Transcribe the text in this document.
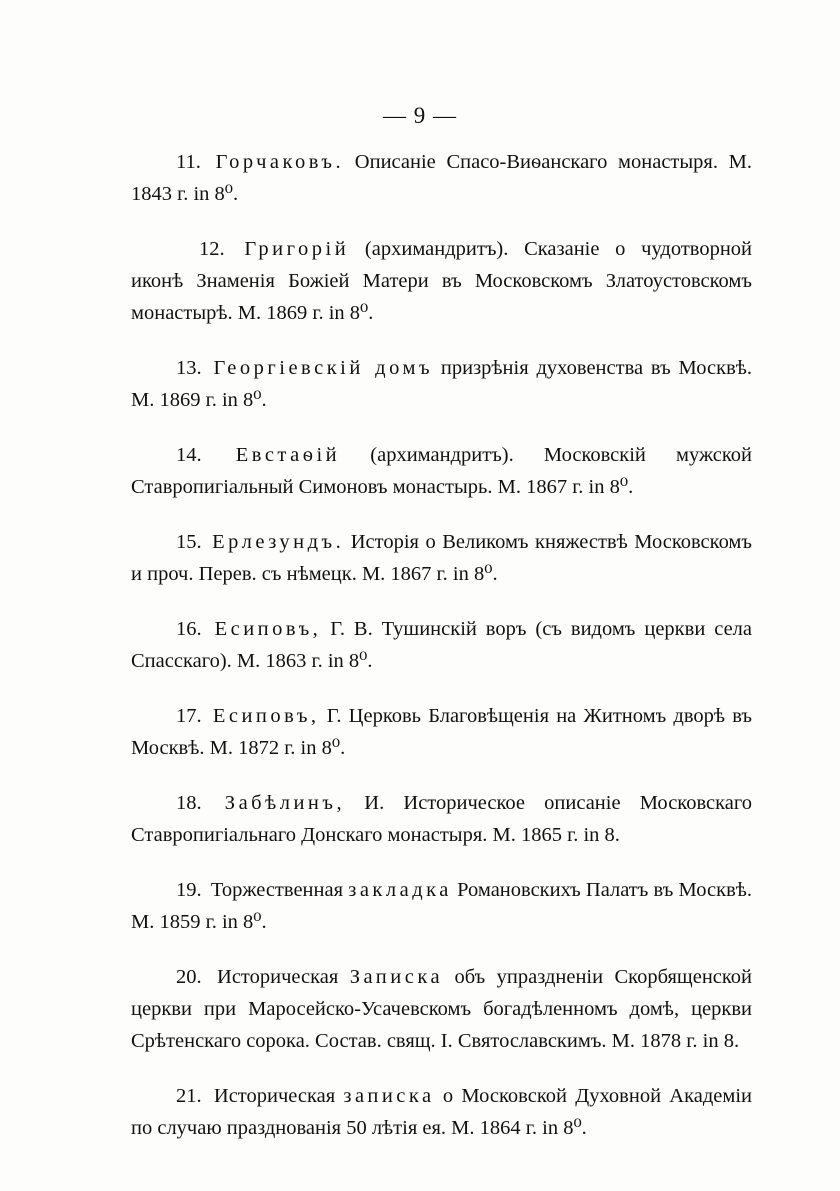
— 9 —

11. Горчаковъ. Описаніе Спасо-Виѳанскаго монастыря. М. 1843 г. in 8⁰.

12. Григорій (архимандритъ). Сказаніе о чудотворной иконѣ Знаменія Божіей Матери въ Московскомъ Златоустовскомъ монастырѣ. М. 1869 г. in 8⁰.

13. Георгіевскій домъ призрѣнія духовенства въ Москвѣ. М. 1869 г. in 8⁰.

14. Евстаѳій (архимандритъ). Московскій мужской Ставропигіальный Симоновъ монастырь. М. 1867 г. in 8⁰.

15. Ерлезундъ. Исторія о Великомъ княжествѣ Московскомъ и проч. Перев. съ нѣмецк. М. 1867 г. in 8⁰.

16. Есиповъ, Г. В. Тушинскій воръ (съ видомъ церкви села Спасскаго). М. 1863 г. in 8⁰.

17. Есиповъ, Г. Церковь Благовѣщенія на Житномъ дворѣ въ Москвѣ. М. 1872 г. in 8⁰.

18. Забѣлинъ, И. Историческое описаніе Московскаго Ставропигіальнаго Донскаго монастыря. М. 1865 г. in 8.

19. Торжественная закладка Романовскихъ Палатъ въ Москвѣ. М. 1859 г. in 8⁰.

20. Историческая Записка объ упраздненіи Скорбященской церкви при Маросейско-Усачевскомъ богадѣленномъ домѣ, церкви Срѣтенскаго сорока. Состав. свящ. I. Святославскимъ. М. 1878 г. in 8.

21. Историческая записка о Московской Духовной Академіи по случаю празднованія 50 лѣтія ея. М. 1864 г. in 8⁰.
